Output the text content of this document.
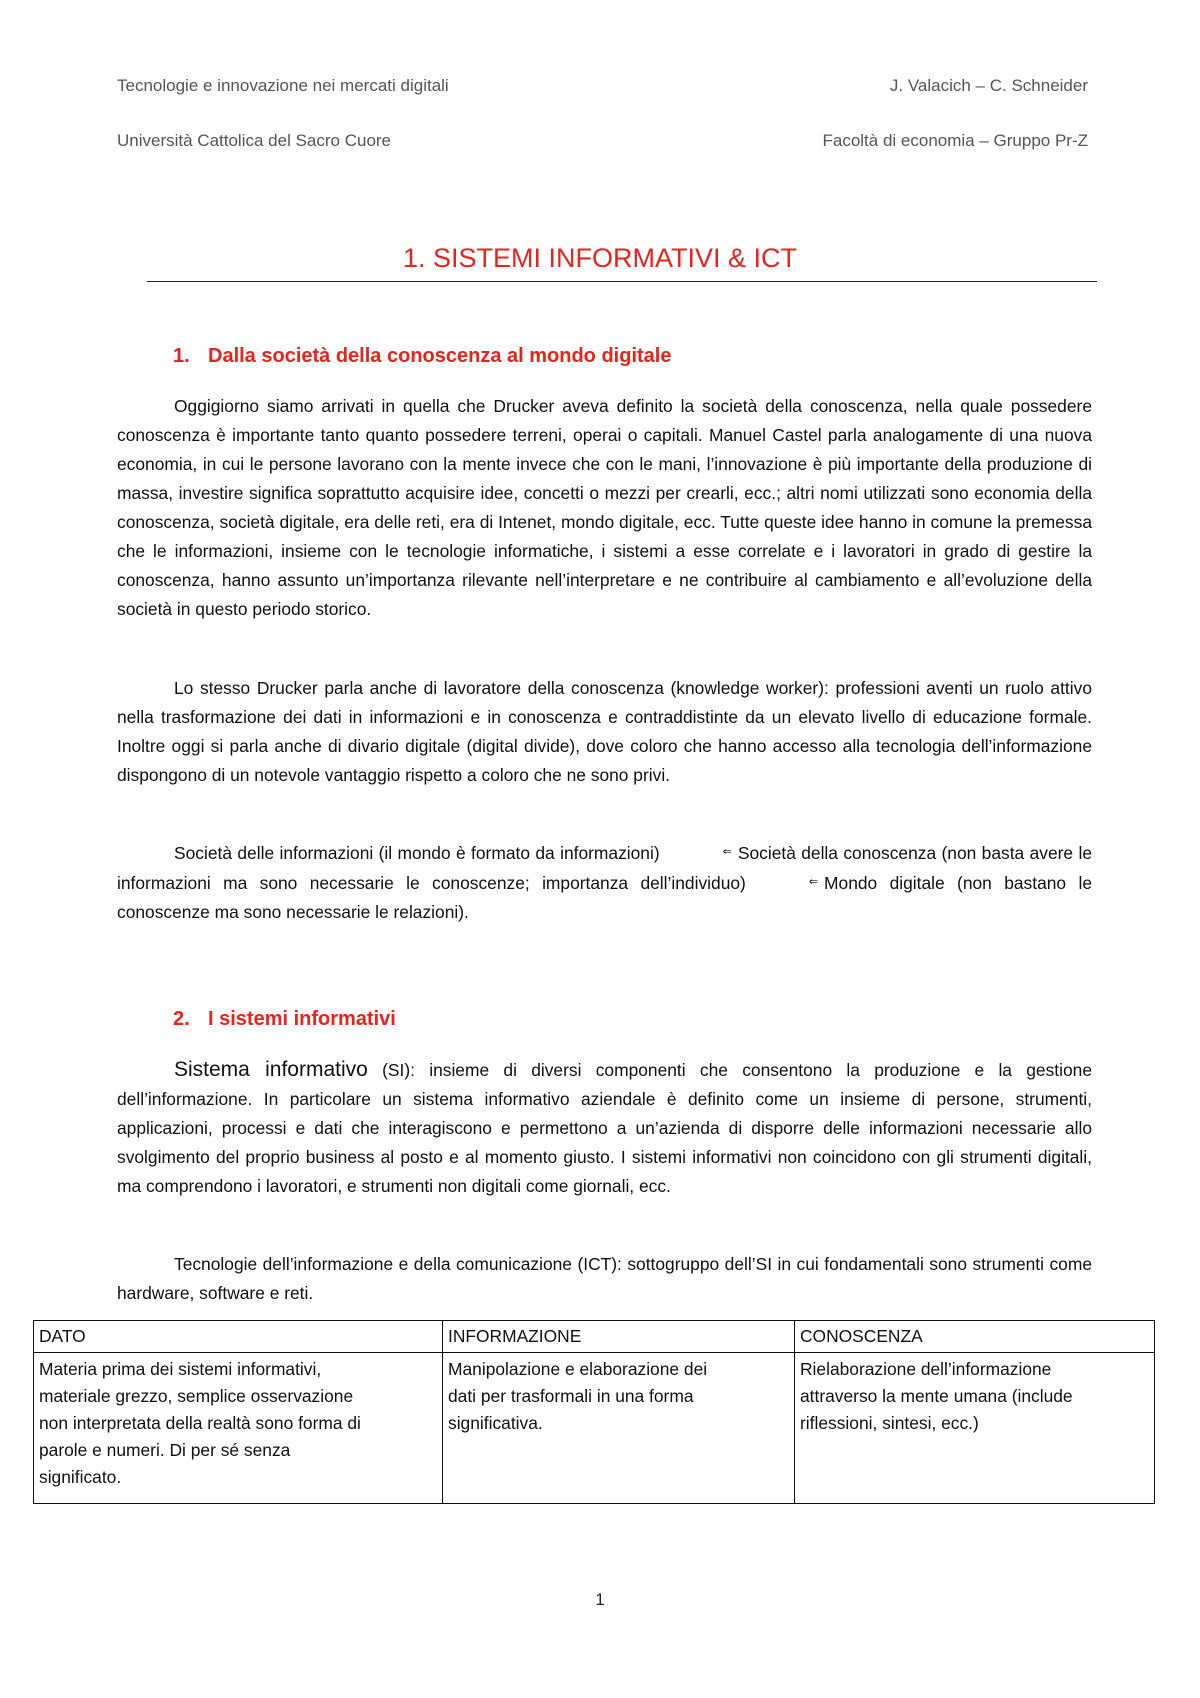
Tecnologie e innovazione nei mercati digitali	J. Valacich – C. Schneider
Università Cattolica del Sacro Cuore	Facoltà di economia – Gruppo Pr-Z
1. SISTEMI INFORMATIVI & ICT
1. Dalla società della conoscenza al mondo digitale

Oggigiorno siamo arrivati in quella che Drucker aveva definito la società della conoscenza, nella quale possedere conoscenza è importante tanto quanto possedere terreni, operai o capitali. Manuel Castel parla analogamente di una nuova economia, in cui le persone lavorano con la mente invece che con le mani, l’innovazione è più importante della produzione di massa, investire significa soprattutto acquisire idee, concetti o mezzi per crearli, ecc.; altri nomi utilizzati sono economia della conoscenza, società digitale, era delle reti, era di Intenet, mondo digitale, ecc. Tutte queste idee hanno in comune la premessa che le informazioni, insieme con le tecnologie informatiche, i sistemi a esse correlate e i lavoratori in grado di gestire la conoscenza, hanno assunto un’importanza rilevante nell’interpretare e ne contribuire al cambiamento e all’evoluzione della società in questo periodo storico.

Lo stesso Drucker parla anche di lavoratore della conoscenza (knowledge worker): professioni aventi un ruolo attivo nella trasformazione dei dati in informazioni e in conoscenza e contraddistinte da un elevato livello di educazione formale. Inoltre oggi si parla anche di divario digitale (digital divide), dove coloro che hanno accesso alla tecnologia dell’informazione dispongono di un notevole vantaggio rispetto a coloro che ne sono privi.

Società delle informazioni (il mondo è formato da informazioni)	⇐ Società della conoscenza (non basta avere le informazioni ma sono necessarie le conoscenze; importanza dell’individuo)	⇐ Mondo digitale (non bastano le conoscenze ma sono necessarie le relazioni).

2. I sistemi informativi

Sistema informativo (SI): insieme di diversi componenti che consentono la produzione e la gestione dell’informazione. In particolare un sistema informativo aziendale è definito come un insieme di persone, strumenti, applicazioni, processi e dati che interagiscono e permettono a un’azienda di disporre delle informazioni necessarie allo svolgimento del proprio business al posto e al momento giusto. I sistemi informativi non coincidono con gli strumenti digitali, ma comprendono i lavoratori, e strumenti non digitali come giornali, ecc.

Tecnologie dell’informazione e della comunicazione (ICT): sottogruppo dell’SI in cui fondamentali sono strumenti come hardware, software e reti.

DATO	INFORMAZIONE	CONOSCENZA

Materia prima dei sistemi informativi, materiale grezzo, semplice osservazione non interpretata della realtà sono forma di parole e numeri. Di per sé senza significato.	Manipolazione e elaborazione dei dati per trasformali in una forma significativa.	Rielaborazione dell’informazione attraverso la mente umana (include riflessioni, sintesi, ecc.)
1
